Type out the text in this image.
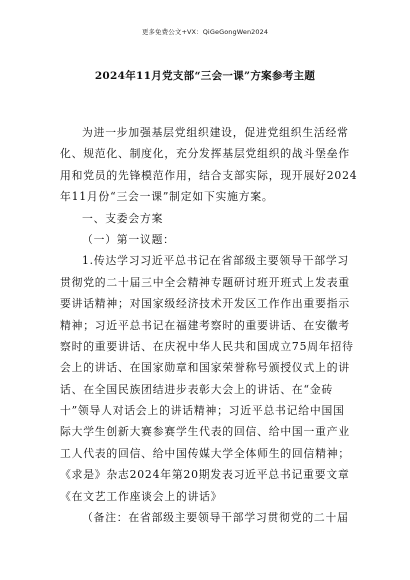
更多免费公文+VX：QiGeGongWen2024
2024年11月党支部“三会一课”方案参考主题
为进一步加强基层党组织建设，促进党组织生活经常
化、规范化、制度化，充分发挥基层党组织的战斗堡垒作
用和党员的先锋模范作用，结合支部实际，现开展好2024
年11月份“三会一课”制定如下实施方案。
一、支委会方案
（一）第一议题：
1.传达学习习近平总书记在省部级主要领导干部学习
贯彻党的二十届三中全会精神专题研讨班开班式上发表重
要讲话精神；对国家级经济技术开发区工作作出重要指示
精神；习近平总书记在福建考察时的重要讲话、在安徽考
察时的重要讲话、在庆祝中华人民共和国成立75周年招待
会上的讲话、在国家勋章和国家荣誉称号颁授仪式上的讲
话、在全国民族团结进步表彰大会上的讲话、在“金砖
十”领导人对话会上的讲话精神；习近平总书记给中国国
际大学生创新大赛参赛学生代表的回信、给中国一重产业
工人代表的回信、给中国传媒大学全体师生的回信精神；
《求是》杂志2024年第20期发表习近平总书记重要文章
《在文艺工作座谈会上的讲话》
（备注：在省部级主要领导干部学习贯彻党的二十届
